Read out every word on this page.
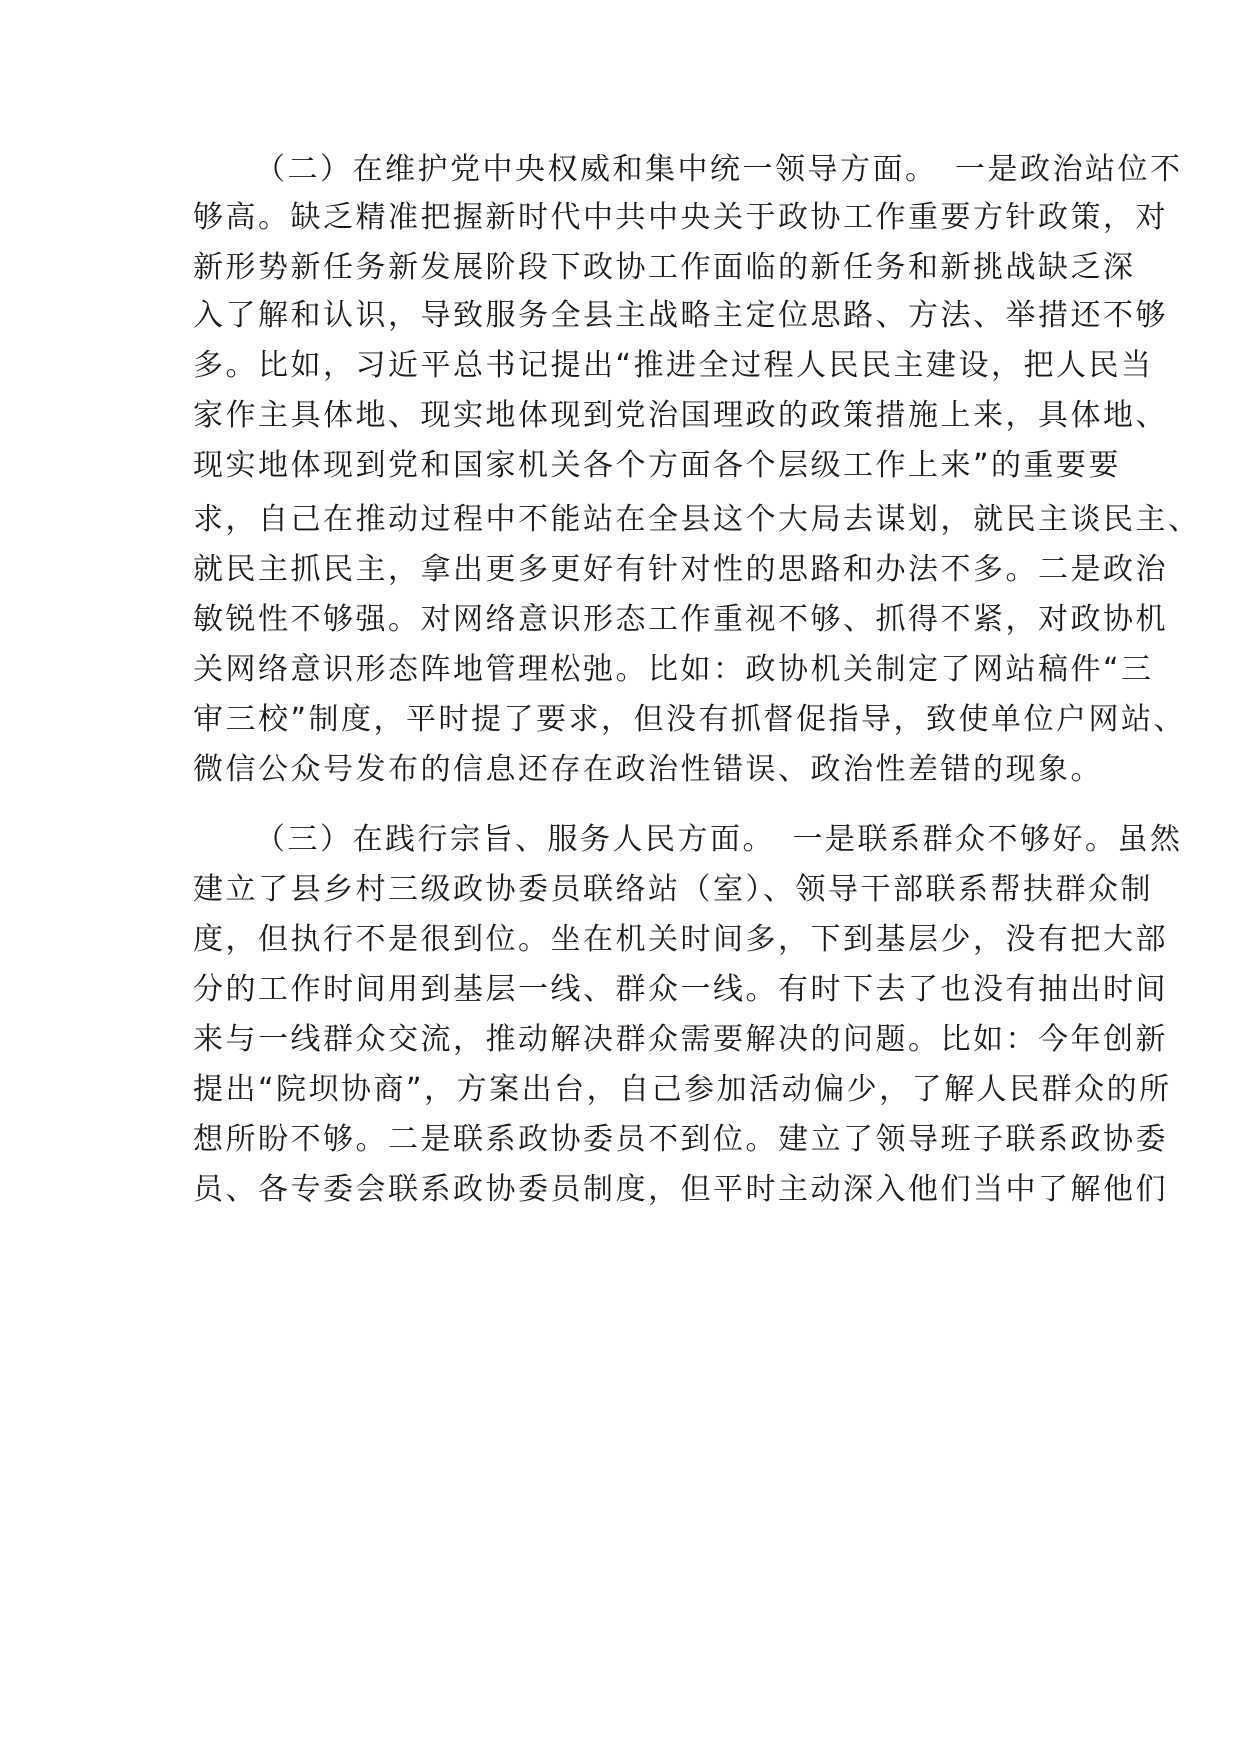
（二）在维护党中央权威和集中统一领导方面。　一是政治站位不
够高。缺乏精准把握新时代中共中央关于政协工作重要方针政策，对
新形势新任务新发展阶段下政协工作面临的新任务和新挑战缺乏深
入了解和认识，导致服务全县主战略主定位思路、方法、举措还不够
多。比如，习近平总书记提出“推进全过程人民民主建设，把人民当
家作主具体地、现实地体现到党治国理政的政策措施上来，具体地、
现实地体现到党和国家机关各个方面各个层级工作上来”的重要要
求，自己在推动过程中不能站在全县这个大局去谋划，就民主谈民主、
就民主抓民主，拿出更多更好有针对性的思路和办法不多。二是政治
敏锐性不够强。对网络意识形态工作重视不够、抓得不紧，对政协机
关网络意识形态阵地管理松弛。比如：政协机关制定了网站稿件“三
审三校”制度，平时提了要求，但没有抓督促指导，致使单位户网站、
微信公众号发布的信息还存在政治性错误、政治性差错的现象。
（三）在践行宗旨、服务人民方面。　一是联系群众不够好。虽然
建立了县乡村三级政协委员联络站（室）、领导干部联系帮扶群众制
度，但执行不是很到位。坐在机关时间多，下到基层少，没有把大部
分的工作时间用到基层一线、群众一线。有时下去了也没有抽出时间
来与一线群众交流，推动解决群众需要解决的问题。比如：今年创新
提出“院坝协商”，方案出台，自己参加活动偏少，了解人民群众的所
想所盼不够。二是联系政协委员不到位。建立了领导班子联系政协委
员、各专委会联系政协委员制度，但平时主动深入他们当中了解他们
